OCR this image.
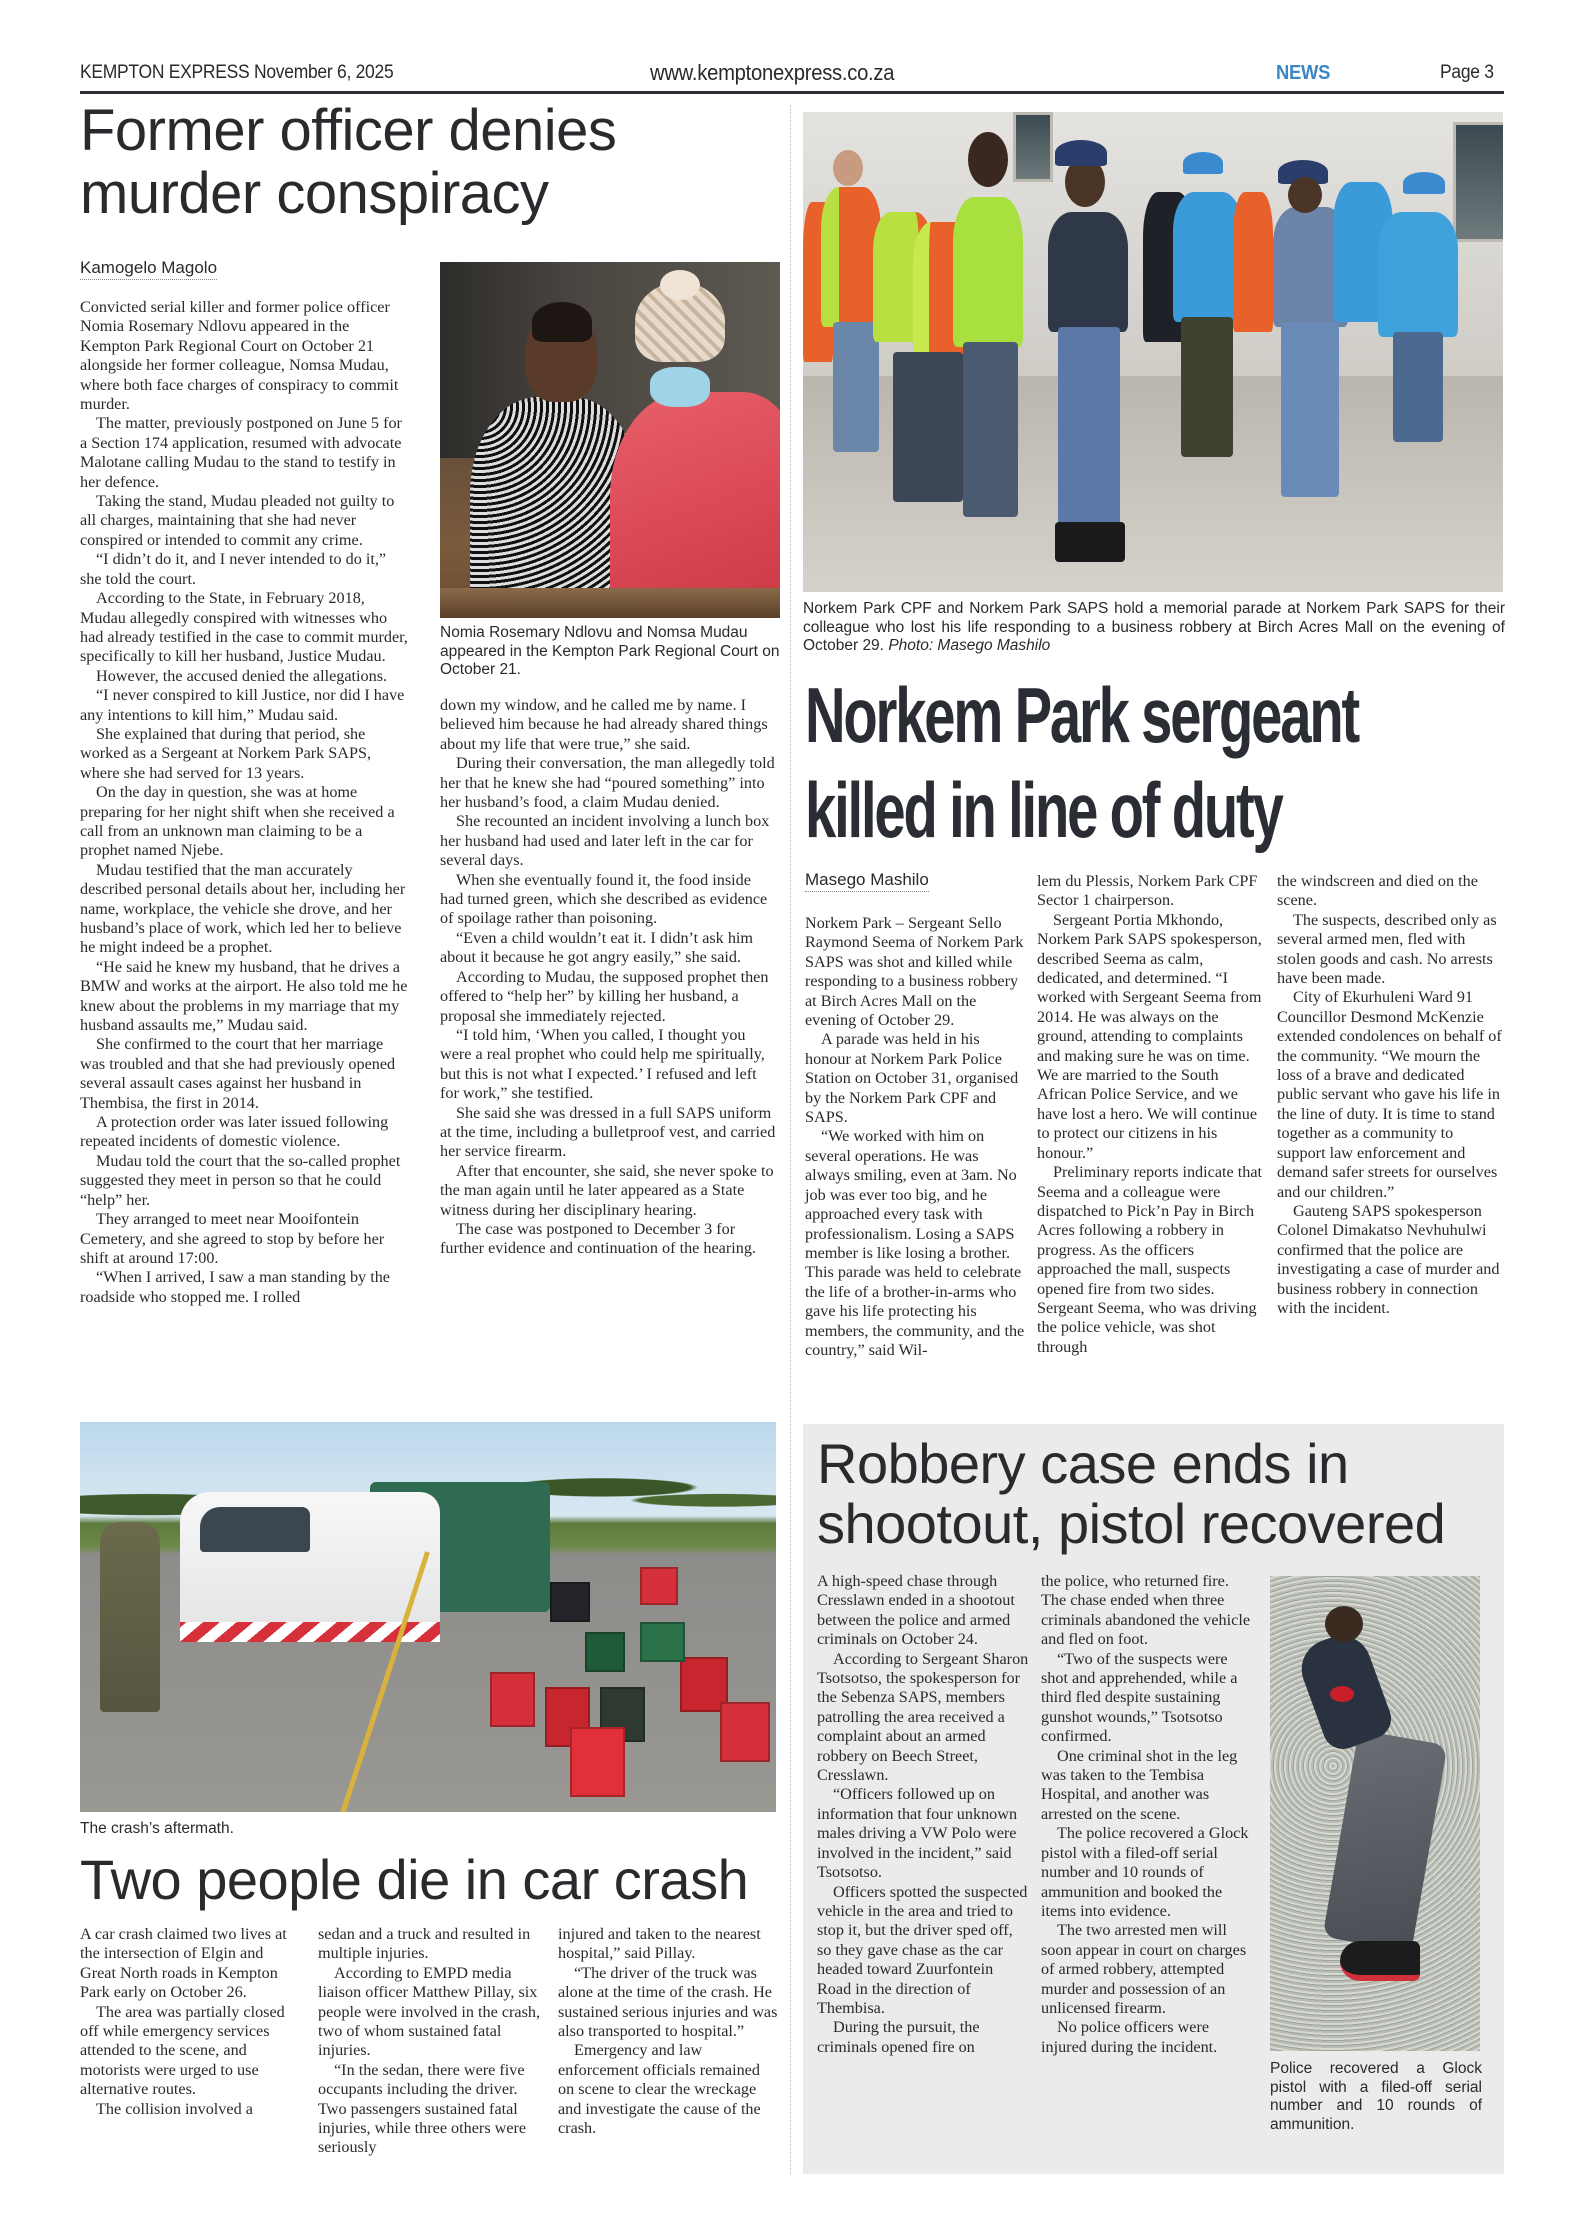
KEMPTON EXPRESS November 6, 2025	www.kemptonexpress.co.za	NEWS	Page 3
Former officer denies
murder conspiracy
Kamogelo Magolo
Nomia Rosemary Ndlovu and Nomsa Mudau appeared in the Kempton Park Regional Court on October 21.

Convicted serial killer and former police officer Nomia Rosemary Ndlovu appeared in the Kempton Park Regional Court on October 21 alongside her former colleague, Nomsa Mudau, where both face charges of conspiracy to commit murder.

The matter, previously postponed on June 5 for a Section 174 application, resumed with advocate Malotane calling Mudau to the stand to testify in her defence.

Taking the stand, Mudau pleaded not guilty to all charges, maintaining that she had never conspired or intended to commit any crime.

“I didn’t do it, and I never intended to do it,” she told the court.

According to the State, in February 2018, Mudau allegedly conspired with witnesses who had already testified in the case to commit murder, specifically to kill her husband, Justice Mudau.

However, the accused denied the allegations.

“I never conspired to kill Justice, nor did I have any intentions to kill him,” Mudau said.

She explained that during that period, she worked as a Sergeant at Norkem Park SAPS, where she had served for 13 years.

On the day in question, she was at home preparing for her night shift when she received a call from an unknown man claiming to be a prophet named Njebe.

Mudau testified that the man accurately described personal details about her, including her name, workplace, the vehicle she drove, and her husband’s place of work, which led her to believe he might indeed be a prophet.

“He said he knew my husband, that he drives a BMW and works at the airport. He also told me he knew about the problems in my marriage that my husband assaults me,” Mudau said.

She confirmed to the court that her marriage was troubled and that she had previously opened several assault cases against her husband in Thembisa, the first in 2014.

A protection order was later issued following repeated incidents of domestic violence.

Mudau told the court that the so-called prophet suggested they meet in person so that he could “help” her.

They arranged to meet near Mooifontein Cemetery, and she agreed to stop by before her shift at around 17:00.

“When I arrived, I saw a man standing by the roadside who stopped me. I rolled

down my window, and he called me by name. I believed him because he had already shared things about my life that were true,” she said.

During their conversation, the man allegedly told her that he knew she had “poured something” into her husband’s food, a claim Mudau denied.

She recounted an incident involving a lunch box her husband had used and later left in the car for several days.

When she eventually found it, the food inside had turned green, which she described as evidence of spoilage rather than poisoning.

“Even a child wouldn’t eat it. I didn’t ask him about it because he got angry easily,” she said.

According to Mudau, the supposed prophet then offered to “help her” by killing her husband, a proposal she immediately rejected.

“I told him, ‘When you called, I thought you were a real prophet who could help me spiritually, but this is not what I expected.’ I refused and left for work,” she testified.

She said she was dressed in a full SAPS uniform at the time, including a bulletproof vest, and carried her service firearm.

After that encounter, she said, she never spoke to the man again until he later appeared as a State witness during her disciplinary hearing.

The case was postponed to December 3 for further evidence and continuation of the hearing.

Norkem Park CPF and Norkem Park SAPS hold a memorial parade at Norkem Park SAPS for their colleague who lost his life responding to a business robbery at Birch Acres Mall on the evening of October 29. Photo: Masego Mashilo
Norkem Park sergeant
killed in line of duty
Masego Mashilo

Norkem Park – Sergeant Sello Raymond Seema of Norkem Park SAPS was shot and killed while responding to a business robbery at Birch Acres Mall on the evening of October 29.

A parade was held in his honour at Norkem Park Police Station on October 31, organised by the Norkem Park CPF and SAPS.

“We worked with him on several operations. He was always smiling, even at 3am. No job was ever too big, and he approached every task with professionalism. Losing a SAPS member is like losing a brother. This parade was held to celebrate the life of a brother-in-arms who gave his life protecting his members, the community, and the country,” said Wil-

lem du Plessis, Norkem Park CPF Sector 1 chairperson.

Sergeant Portia Mkhondo, Norkem Park SAPS spokesperson, described Seema as calm, dedicated, and determined. “I worked with Sergeant Seema from 2014. He was always on the ground, attending to complaints and making sure he was on time. We are married to the South African Police Service, and we have lost a hero. We will continue to protect our citizens in his honour.”

Preliminary reports indicate that Seema and a colleague were dispatched to Pick’n Pay in Birch Acres following a robbery in progress. As the officers approached the mall, suspects opened fire from two sides. Sergeant Seema, who was driving the police vehicle, was shot through

the windscreen and died on the scene.

The suspects, described only as several armed men, fled with stolen goods and cash. No arrests have been made.

City of Ekurhuleni Ward 91 Councillor Desmond McKenzie extended condolences on behalf of the community. “We mourn the loss of a brave and dedicated public servant who gave his life in the line of duty. It is time to stand together as a community to support law enforcement and demand safer streets for ourselves and our children.”

Gauteng SAPS spokesperson Colonel Dimakatso Nevhuhulwi confirmed that the police are investigating a case of murder and business robbery in connection with the incident.

The crash’s aftermath.
Two people die in car crash

A car crash claimed two lives at the intersection of Elgin and Great North roads in Kempton Park early on October 26.

The area was partially closed off while emergency services attended to the scene, and motorists were urged to use alternative routes.

The collision involved a

sedan and a truck and resulted in multiple injuries.

According to EMPD media liaison officer Matthew Pillay, six people were involved in the crash, two of whom sustained fatal injuries.

“In the sedan, there were five occupants including the driver. Two passengers sustained fatal injuries, while three others were seriously

injured and taken to the nearest hospital,” said Pillay.

“The driver of the truck was alone at the time of the crash. He sustained serious injuries and was also transported to hospital.”

Emergency and law enforcement officials remained on scene to clear the wreckage and investigate the cause of the crash.

Robbery case ends in
shootout, pistol recovered

A high-speed chase through Cresslawn ended in a shootout between the police and armed criminals on October 24.

According to Sergeant Sharon Tsotsotso, the spokesperson for the Sebenza SAPS, members patrolling the area received a complaint about an armed robbery on Beech Street, Cresslawn.

“Officers followed up on information that four unknown males driving a VW Polo were involved in the incident,” said Tsotsotso.

Officers spotted the suspected vehicle in the area and tried to stop it, but the driver sped off, so they gave chase as the car headed toward Zuurfontein Road in the direction of Thembisa.

During the pursuit, the criminals opened fire on

the police, who returned fire. The chase ended when three criminals abandoned the vehicle and fled on foot.

“Two of the suspects were shot and apprehended, while a third fled despite sustaining gunshot wounds,” Tsotsotso confirmed.

One criminal shot in the leg was taken to the Tembisa Hospital, and another was arrested on the scene.

The police recovered a Glock pistol with a filed-off serial number and 10 rounds of ammunition and booked the items into evidence.

The two arrested men will soon appear in court on charges of armed robbery, attempted murder and possession of an unlicensed firearm.

No police officers were injured during the incident.

Police recovered a Glock pistol with a filed-off serial number and 10 rounds of ammunition.
